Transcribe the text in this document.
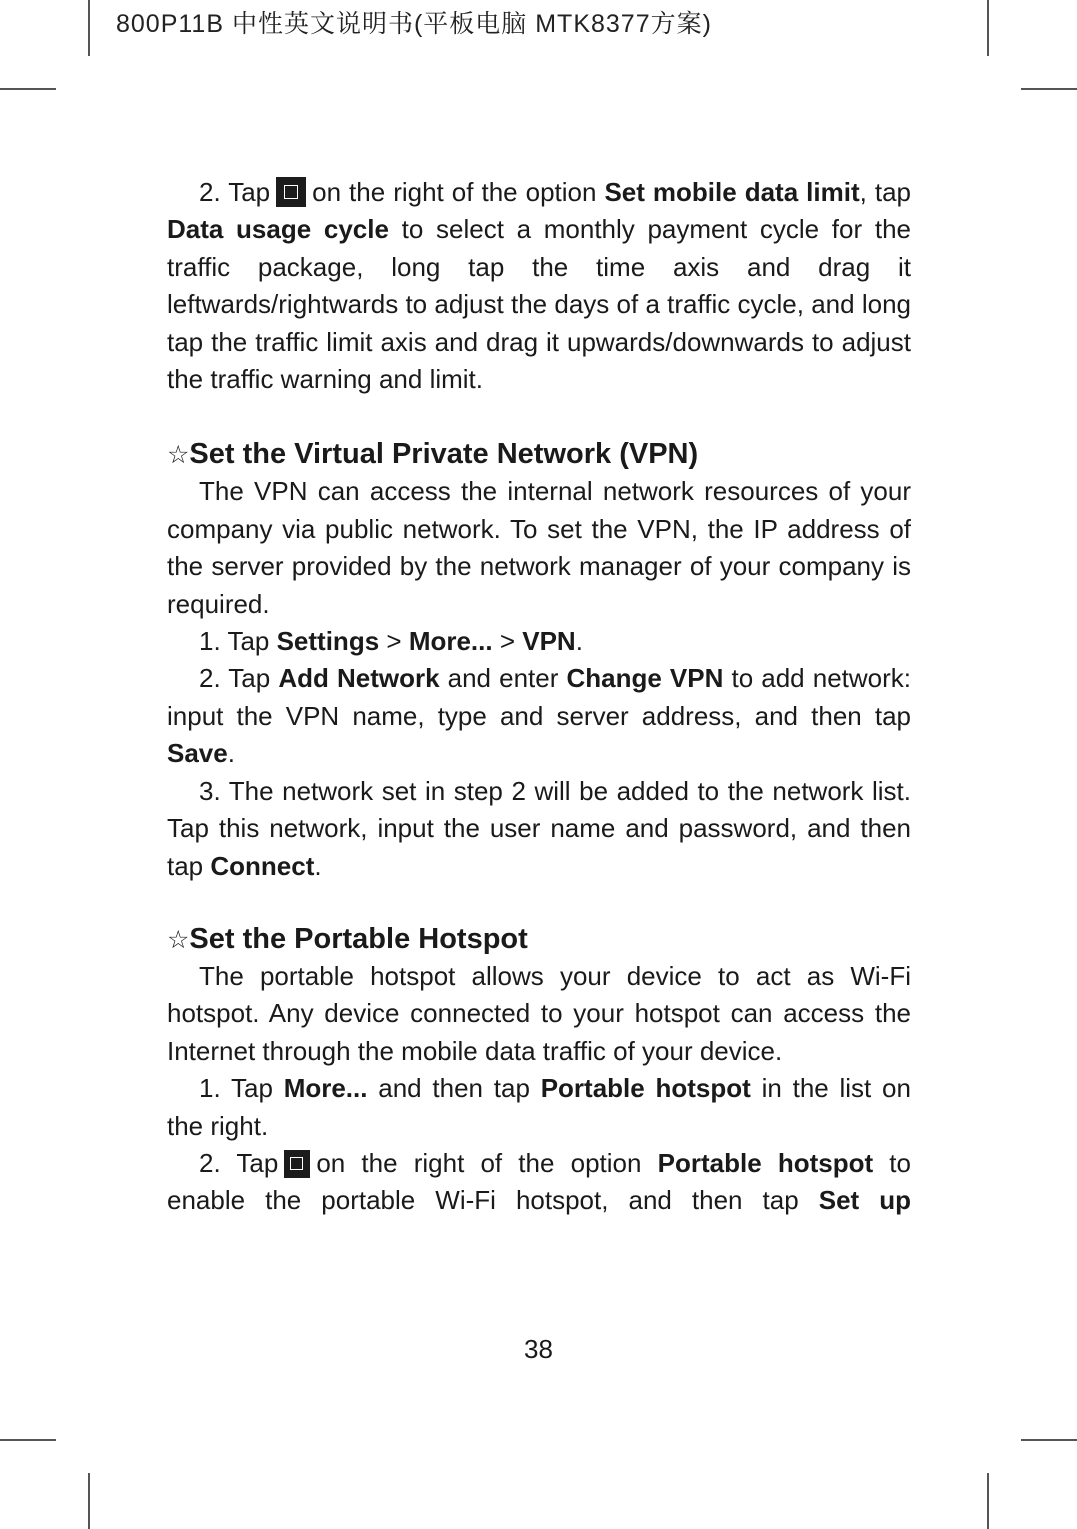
800P11B 中性英文说明书(平板电脑 MTK8377方案)

2. Tap on the right of the option Set mobile data limit, tap Data usage cycle to select a monthly payment cycle for the traffic package, long tap the time axis and drag it leftwards/rightwards to adjust the days of a traffic cycle, and long tap the traffic limit axis and drag it upwards/downwards to adjust the traffic warning and limit.

☆Set the Virtual Private Network (VPN)

The VPN can access the internal network resources of your company via public network. To set the VPN, the IP address of the server provided by the network manager of your company is required.

1. Tap Settings > More... > VPN.

2. Tap Add Network and enter Change VPN to add network: input the VPN name, type and server address, and then tap Save.

3. The network set in step 2 will be added to the network list. Tap this network, input the user name and password, and then tap Connect.

☆Set the Portable Hotspot

The portable hotspot allows your device to act as Wi-Fi hotspot. Any device connected to your hotspot can access the Internet through the mobile data traffic of your device.

1. Tap More... and then tap Portable hotspot in the list on the right.

2. Tap on the right of the option Portable hotspot to enable the portable Wi-Fi hotspot, and then tap Set up

38
